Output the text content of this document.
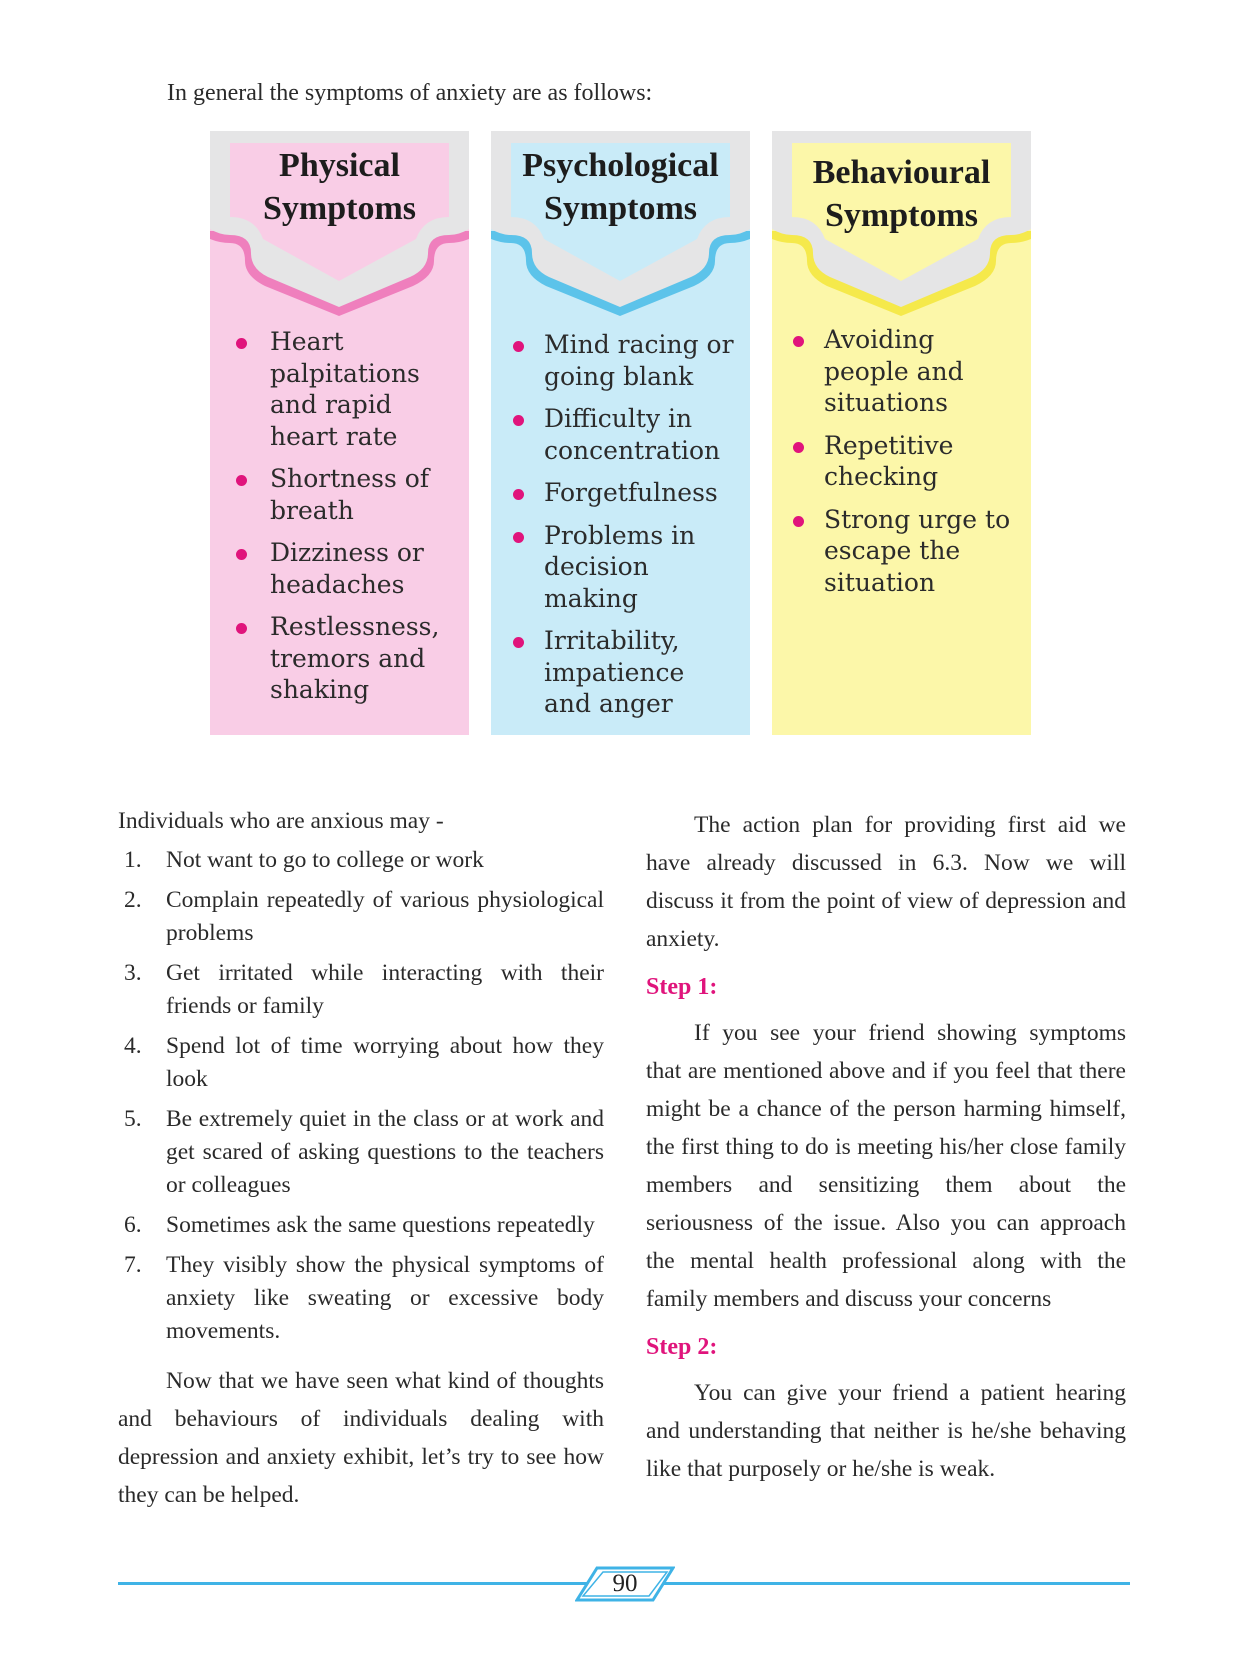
In general the symptoms of anxiety are as follows:
Physical
Symptoms
Heart palpitations and rapid heart rate
Shortness of breath
Dizziness or headaches
Restlessness, tremors and shaking
Psychological
Symptoms
Mind racing or going blank
Difficulty in concentration
Forgetfulness
Problems in decision making
Irritability, impatience and anger
Behavioural
Symptoms
Avoiding people and situations
Repetitive checking
Strong urge to escape the situation

Individuals who are anxious may -

1. Not want to go to college or work
2. Complain repeatedly of various physiological problems
3. Get irritated while interacting with their friends or family
4. Spend lot of time worrying about how they look
5. Be extremely quiet in the class or at work and get scared of asking questions to the teachers or colleagues
6. Sometimes ask the same questions repeatedly
7. They visibly show the physical symptoms of anxiety like sweating or excessive body movements.

Now that we have seen what kind of thoughts and behaviours of individuals dealing with depression and anxiety exhibit, let’s try to see how they can be helped.

The action plan for providing first aid we have already discussed in 6.3. Now we will discuss it from the point of view of depression and anxiety.

Step 1:

If you see your friend showing symptoms that are mentioned above and if you feel that there might be a chance of the person harming himself, the first thing to do is meeting his/her close family members and sensitizing them about the seriousness of the issue. Also you can approach the mental health professional along with the family members and discuss your concerns

Step 2:

You can give your friend a patient hearing and understanding that neither is he/she behaving like that purposely or he/she is weak.

90
